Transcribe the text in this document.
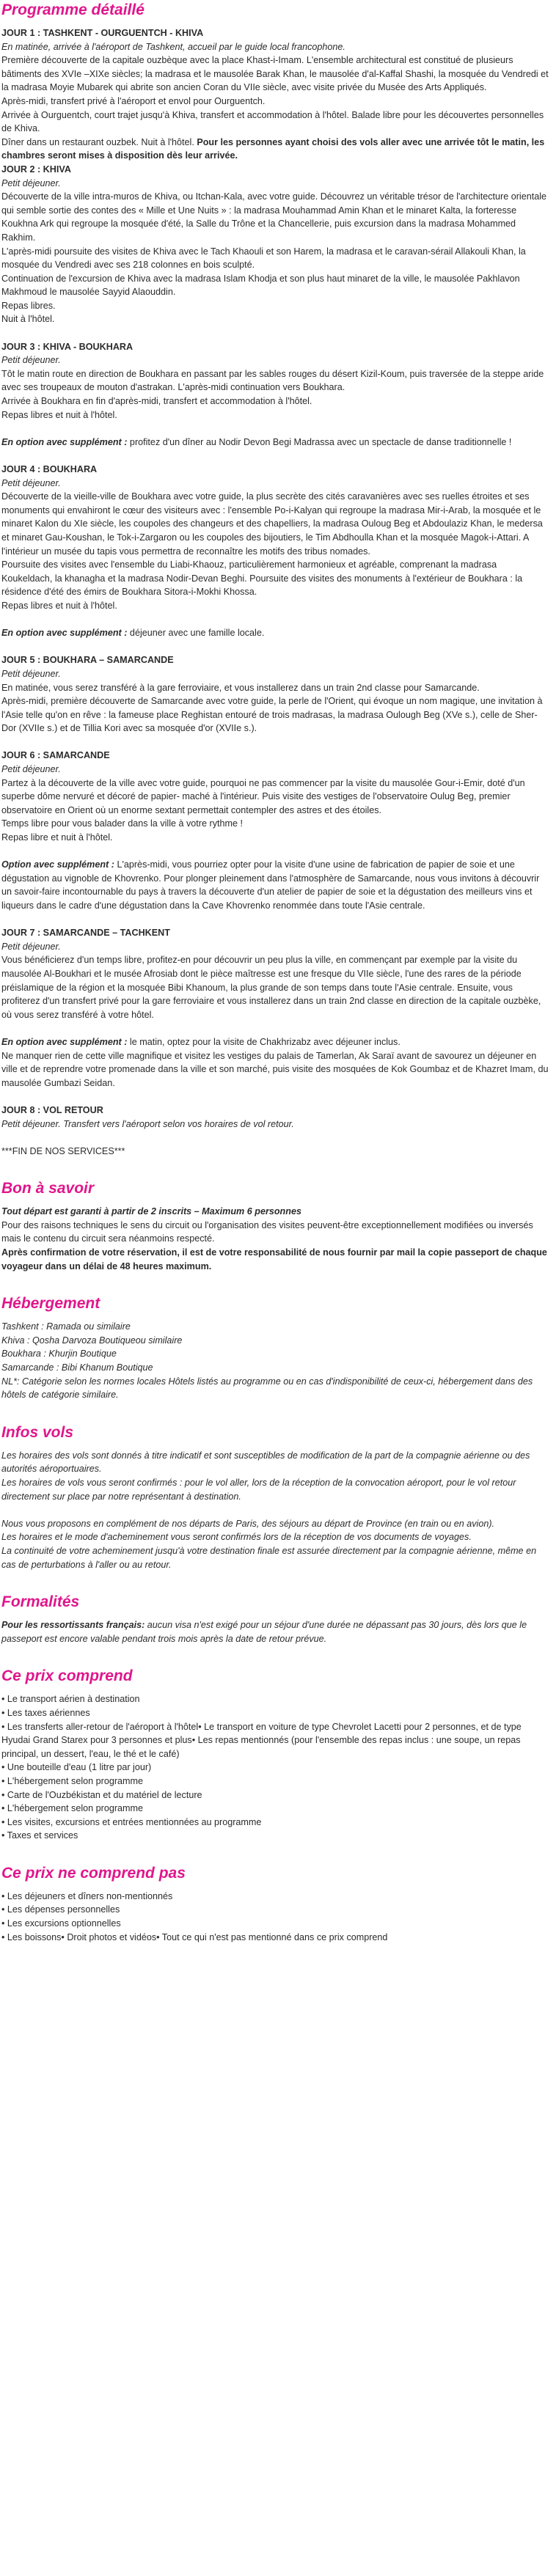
Programme détaillé

JOUR 1 : TASHKENT - OURGUENTCH - KHIVA

En matinée, arrivée à l'aéroport de Tashkent, accueil par le guide local francophone.

Première découverte de la capitale ouzbèque avec la place Khast-i-Imam. L'ensemble architectural est constitué de plusieurs bâtiments des XVIe –XIXe siècles; la madrasa et le mausolée Barak Khan, le mausolée d'al-Kaffal Shashi, la mosquée du Vendredi et la madrasa Moyie Mubarek qui abrite son ancien Coran du VIIe siècle, avec visite privée du Musée des Arts Appliqués.

Après-midi, transfert privé à l'aéroport et envol pour Ourguentch.

Arrivée à Ourguentch, court trajet jusqu'à Khiva, transfert et accommodation à l'hôtel. Balade libre pour les découvertes personnelles de Khiva.

Dîner dans un restaurant ouzbek. Nuit à l'hôtel. Pour les personnes ayant choisi des vols aller avec une arrivée tôt le matin, les chambres seront mises à disposition dès leur arrivée.

JOUR 2 : KHIVA

Petit déjeuner.

Découverte de la ville intra-muros de Khiva, ou Itchan-Kala, avec votre guide. Découvrez un véritable trésor de l'architecture orientale qui semble sortie des contes des « Mille et Une Nuits » : la madrasa Mouhammad Amin Khan et le minaret Kalta, la forteresse Koukhna Ark qui regroupe la mosquée d'été, la Salle du Trône et la Chancellerie, puis excursion dans la madrasa Mohammed Rakhim.

L'après-midi poursuite des visites de Khiva avec le Tach Khaouli et son Harem, la madrasa et le caravan-sérail Allakouli Khan, la mosquée du Vendredi avec ses 218 colonnes en bois sculpté.

Continuation de l'excursion de Khiva avec la madrasa Islam Khodja et son plus haut minaret de la ville, le mausolée Pakhlavon Makhmoud le mausolée Sayyid Alaouddin.

Repas libres.

Nuit à l'hôtel.

JOUR 3 : KHIVA - BOUKHARA

Petit déjeuner.

Tôt le matin route en direction de Boukhara en passant par les sables rouges du désert Kizil-Koum, puis traversée de la steppe aride avec ses troupeaux de mouton d'astrakan. L'après-midi continuation vers Boukhara.

Arrivée à Boukhara en fin d'après-midi, transfert et accommodation à l'hôtel.

Repas libres et nuit à l'hôtel.

En option avec supplément : profitez d'un dîner au Nodir Devon Begi Madrassa avec un spectacle de danse traditionnelle !

JOUR 4 : BOUKHARA

Petit déjeuner.

Découverte de la vieille-ville de Boukhara avec votre guide, la plus secrète des cités caravanières avec ses ruelles étroites et ses monuments qui envahiront le cœur des visiteurs avec : l'ensemble Po-i-Kalyan qui regroupe la madrasa Mir-i-Arab, la mosquée et le minaret Kalon du XIe siècle, les coupoles des changeurs et des chapelliers, la madrasa Ouloug Beg et Abdoulaziz Khan, le medersa et minaret Gau-Koushan, le Tok-i-Zargaron ou les coupoles des bijoutiers, le Tim Abdhoulla Khan et la mosquée Magok-i-Attari. A l'intérieur un musée du tapis vous permettra de reconnaître les motifs des tribus nomades.

Poursuite des visites avec l'ensemble du Liabi-Khaouz, particulièrement harmonieux et agréable, comprenant la madrasa Koukeldach, la khanagha et la madrasa Nodir-Devan Beghi. Poursuite des visites des monuments à l'extérieur de Boukhara : la résidence d'été des émirs de Boukhara Sitora-i-Mokhi Khossa.

Repas libres et nuit à l'hôtel.

En option avec supplément : déjeuner avec une famille locale.

JOUR 5 : BOUKHARA – SAMARCANDE

Petit déjeuner.

En matinée, vous serez transféré à la gare ferroviaire, et vous installerez dans un train 2nd classe pour Samarcande.

Après-midi, première découverte de Samarcande avec votre guide, la perle de l'Orient, qui évoque un nom magique, une invitation à l'Asie telle qu'on en rêve : la fameuse place Reghistan entouré de trois madrasas, la madrasa Oulough Beg (XVe s.), celle de Sher-Dor (XVIIe s.) et de Tillia Kori avec sa mosquée d'or (XVIIe s.).

JOUR 6 : SAMARCANDE

Petit déjeuner.

Partez à la découverte de la ville avec votre guide, pourquoi ne pas commencer par la visite du mausolée Gour-i-Emir, doté d'un superbe dôme nervuré et décoré de papier- maché à l'intérieur. Puis visite des vestiges de l'observatoire Oulug Beg, premier observatoire en Orient où un enorme sextant permettait contempler des astres et des étoiles.

Temps libre pour vous balader dans la ville à votre rythme !

Repas libre et nuit à l'hôtel.

Option avec supplément : L'après-midi, vous pourriez opter pour la visite d'une usine de fabrication de papier de soie et une dégustation au vignoble de Khovrenko. Pour plonger pleinement dans l'atmosphère de Samarcande, nous vous invitons à découvrir un savoir-faire incontournable du pays à travers la découverte d'un atelier de papier de soie et la dégustation des meilleurs vins et liqueurs dans le cadre d'une dégustation dans la Cave Khovrenko renommée dans toute l'Asie centrale.

JOUR 7 : SAMARCANDE – TACHKENT

Petit déjeuner.

Vous bénéficierez d'un temps libre, profitez-en pour découvrir un peu plus la ville, en commençant par exemple par la visite du mausolée Al-Boukhari et le musée Afrosiab dont le pièce maîtresse est une fresque du VIIe siècle, l'une des rares de la période préislamique de la région et la mosquée Bibi Khanoum, la plus grande de son temps dans toute l'Asie centrale. Ensuite, vous profiterez d'un transfert privé pour la gare ferroviaire et vous installerez dans un train 2nd classe en direction de la capitale ouzbèke, où vous serez transféré à votre hôtel.

En option avec supplément : le matin, optez pour la visite de Chakhrizabz avec déjeuner inclus.

Ne manquer rien de cette ville magnifique et visitez les vestiges du palais de Tamerlan, Ak Saraï avant de savourez un déjeuner en ville et de reprendre votre promenade dans la ville et son marché, puis visite des mosquées de Kok Goumbaz et de Khazret Imam, du mausolée Gumbazi Seidan.

JOUR 8 : VOL RETOUR

Petit déjeuner. Transfert vers l'aéroport selon vos horaires de vol retour.

***FIN DE NOS SERVICES***

Bon à savoir

Tout départ est garanti à partir de 2 inscrits – Maximum 6 personnes

Pour des raisons techniques le sens du circuit ou l'organisation des visites peuvent-être exceptionnellement modifiées ou inversés mais le contenu du circuit sera néanmoins respecté.

Après confirmation de votre réservation, il est de votre responsabilité de nous fournir par mail la copie passeport de chaque voyageur dans un délai de 48 heures maximum.

Hébergement

Tashkent : Ramada ou similaire

Khiva : Qosha Darvoza Boutiqueou similaire

Boukhara : Khurjin Boutique

Samarcande : Bibi Khanum Boutique

NL*: Catégorie selon les normes locales Hôtels listés au programme ou en cas d'indisponibilité de ceux-ci, hébergement dans des hôtels de catégorie similaire.

Infos vols

Les horaires des vols sont donnés à titre indicatif et sont susceptibles de modification de la part de la compagnie aérienne ou des autorités aéroportuaires.

Les horaires de vols vous seront confirmés : pour le vol aller, lors de la réception de la convocation aéroport, pour le vol retour directement sur place par notre représentant à destination.

Nous vous proposons en complément de nos départs de Paris, des séjours au départ de Province (en train ou en avion).

Les horaires et le mode d'acheminement vous seront confirmés lors de la réception de vos documents de voyages.

La continuité de votre acheminement jusqu'à votre destination finale est assurée directement par la compagnie aérienne, même en cas de perturbations à l'aller ou au retour.

Formalités

Pour les ressortissants français: aucun visa n'est exigé pour un séjour d'une durée ne dépassant pas 30 jours, dès lors que le passeport est encore valable pendant trois mois après la date de retour prévue.

Ce prix comprend
• Le transport aérien à destination
• Les taxes aériennes
• Les transferts aller-retour de l'aéroport à l'hôtel• Le transport en voiture de type Chevrolet Lacetti pour 2 personnes, et de type Hyudai Grand Starex pour 3 personnes et plus• Les repas mentionnés (pour l'ensemble des repas inclus : une soupe, un repas principal, un dessert, l'eau, le thé et le café)
• Une bouteille d'eau (1 litre par jour)
• L'hébergement selon programme
• Carte de l'Ouzbékistan et du matériel de lecture
• L'hébergement selon programme
• Les visites, excursions et entrées mentionnées au programme
• Taxes et services
Ce prix ne comprend pas
• Les déjeuners et dîners non-mentionnés
• Les dépenses personnelles
• Les excursions optionnelles
• Les boissons• Droit photos et vidéos• Tout ce qui n'est pas mentionné dans ce prix comprend
